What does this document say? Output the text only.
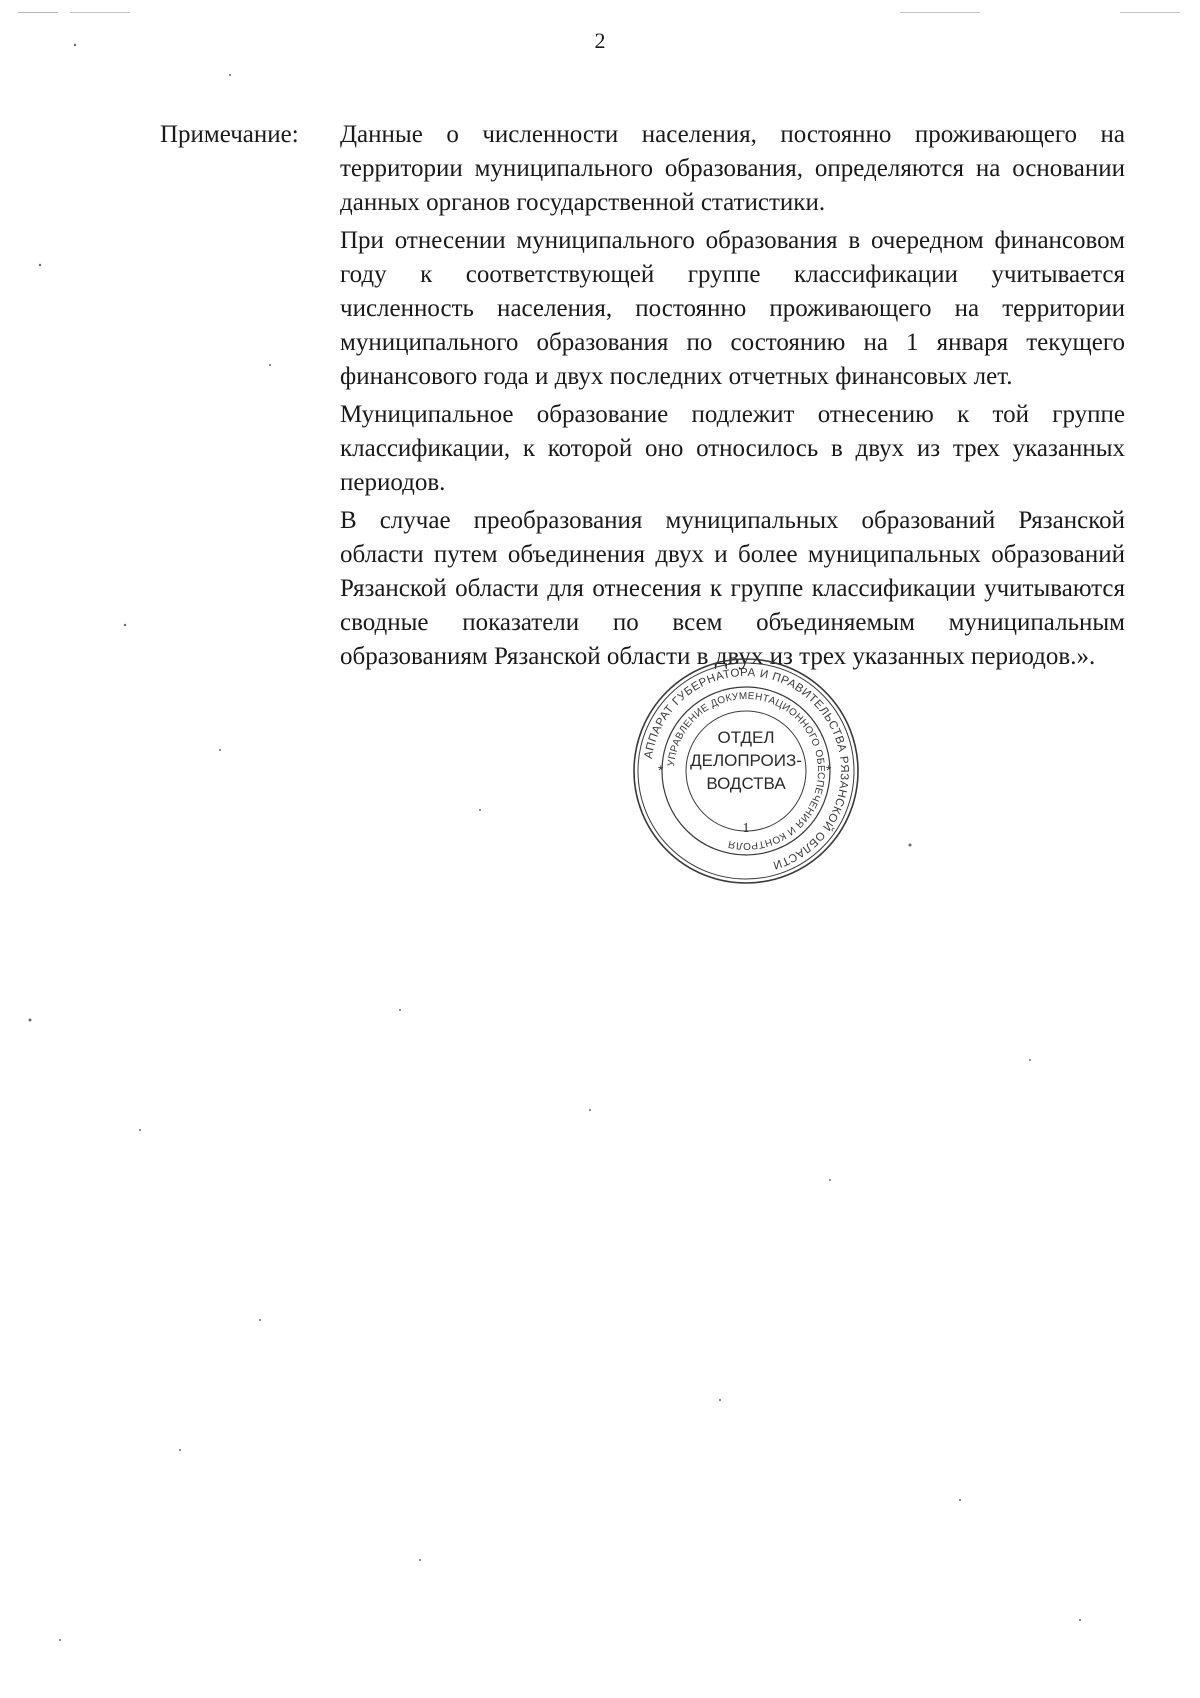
2
Примечание: Данные о численности населения, постоянно проживающего на территории муниципального образования, определяются на основании данных органов государственной статистики.

При отнесении муниципального образования в очередном финансовом году к соответствующей группе классификации учитывается численность населения, постоянно проживающего на территории муниципального образования по состоянию на 1 января текущего финансового года и двух последних отчетных финансовых лет.

Муниципальное образование подлежит отнесению к той группе классификации, к которой оно относилось в двух из трех указанных периодов.

В случае преобразования муниципальных образований Рязанской области путем объединения двух и более муниципальных образований Рязанской области для отнесения к группе классификации учитываются сводные показатели по всем объединяемым муниципальным образованиям Рязанской области в двух из трех указанных периодов.».

АППАРАТ ГУБЕРНАТОРА И ПРАВИТЕЛЬСТВА РЯЗАНСКОЙ ОБЛАСТИ
УПРАВЛЕНИЕ ДОКУМЕНТАЦИОННОГО ОБЕСПЕЧЕНИЯ И КОНТРОЛЯ
*	*
ОТДЕЛ
ДЕЛОПРОИЗ-
ВОДСТВА
1
